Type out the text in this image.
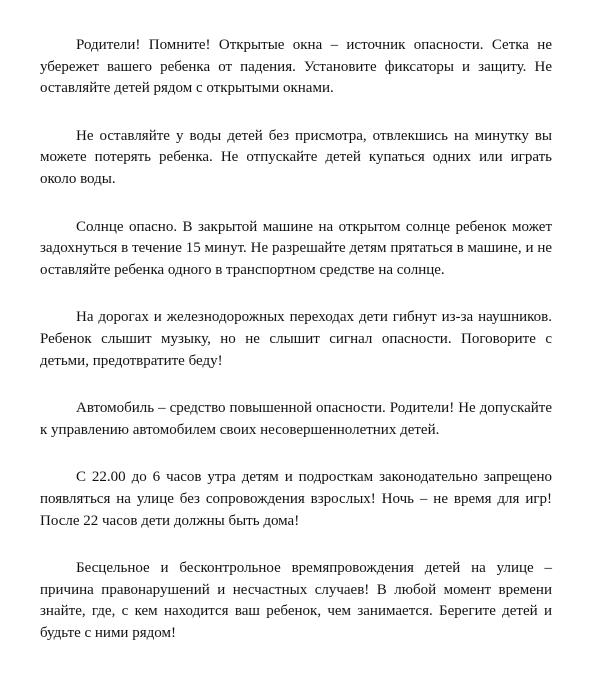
Родители! Помните! Открытые окна – источник опасности. Сетка не убережет вашего ребенка от падения. Установите фиксаторы и защиту. Не оставляйте детей рядом с открытыми окнами.

Не оставляйте у воды детей без присмотра, отвлекшись на минутку вы можете потерять ребенка. Не отпускайте детей купаться одних или играть около воды.

Солнце опасно. В закрытой машине на открытом солнце ребенок может задохнуться в течение 15 минут. Не разрешайте детям прятаться в машине, и не оставляйте ребенка одного в транспортном средстве на солнце.

На дорогах и железнодорожных переходах дети гибнут из-за наушников. Ребенок слышит музыку, но не слышит сигнал опасности. Поговорите с детьми, предотвратите беду!

Автомобиль – средство повышенной опасности. Родители! Не допускайте к управлению автомобилем своих несовершеннолетних детей.

С 22.00 до 6 часов утра детям и подросткам законодательно запрещено появляться на улице без сопровождения взрослых! Ночь – не время для игр! После 22 часов дети должны быть дома!

Бесцельное и бесконтрольное времяпровождения детей на улице – причина правонарушений и несчастных случаев! В любой момент времени знайте, где, с кем находится ваш ребенок, чем занимается. Берегите детей и будьте с ними рядом!
